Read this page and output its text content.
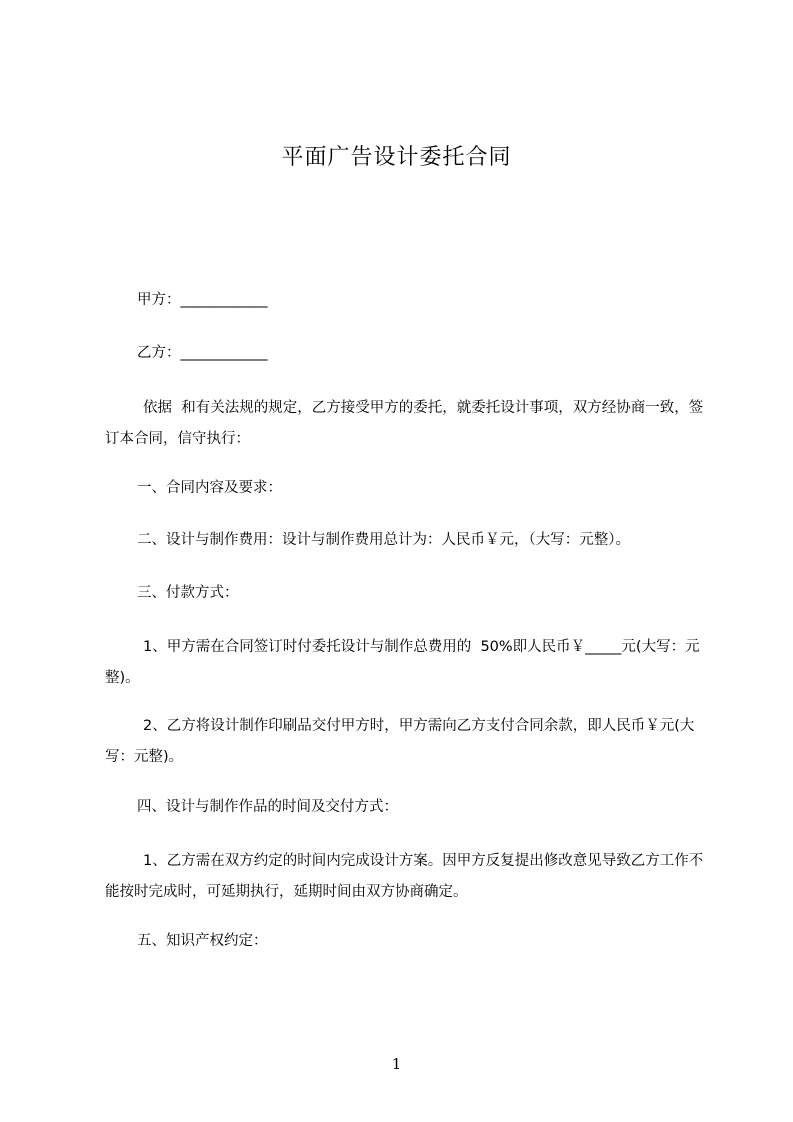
平面广告设计委托合同
甲方：____________
乙方：____________
依据  和有关法规的规定，乙方接受甲方的委托，就委托设计事项，双方经协商一致，签订本合同，信守执行：
一、合同内容及要求：
二、设计与制作费用：设计与制作费用总计为：人民币￥元，（大写：元整）。
三、付款方式：
1、甲方需在合同签订时付委托设计与制作总费用的  50%即人民币￥_____元(大写：元整)。
2、乙方将设计制作印刷品交付甲方时，甲方需向乙方支付合同余款，即人民币￥元(大写：元整)。
四、设计与制作作品的时间及交付方式：
1、乙方需在双方约定的时间内完成设计方案。因甲方反复提出修改意见导致乙方工作不能按时完成时，可延期执行，延期时间由双方协商确定。
五、知识产权约定：
1
